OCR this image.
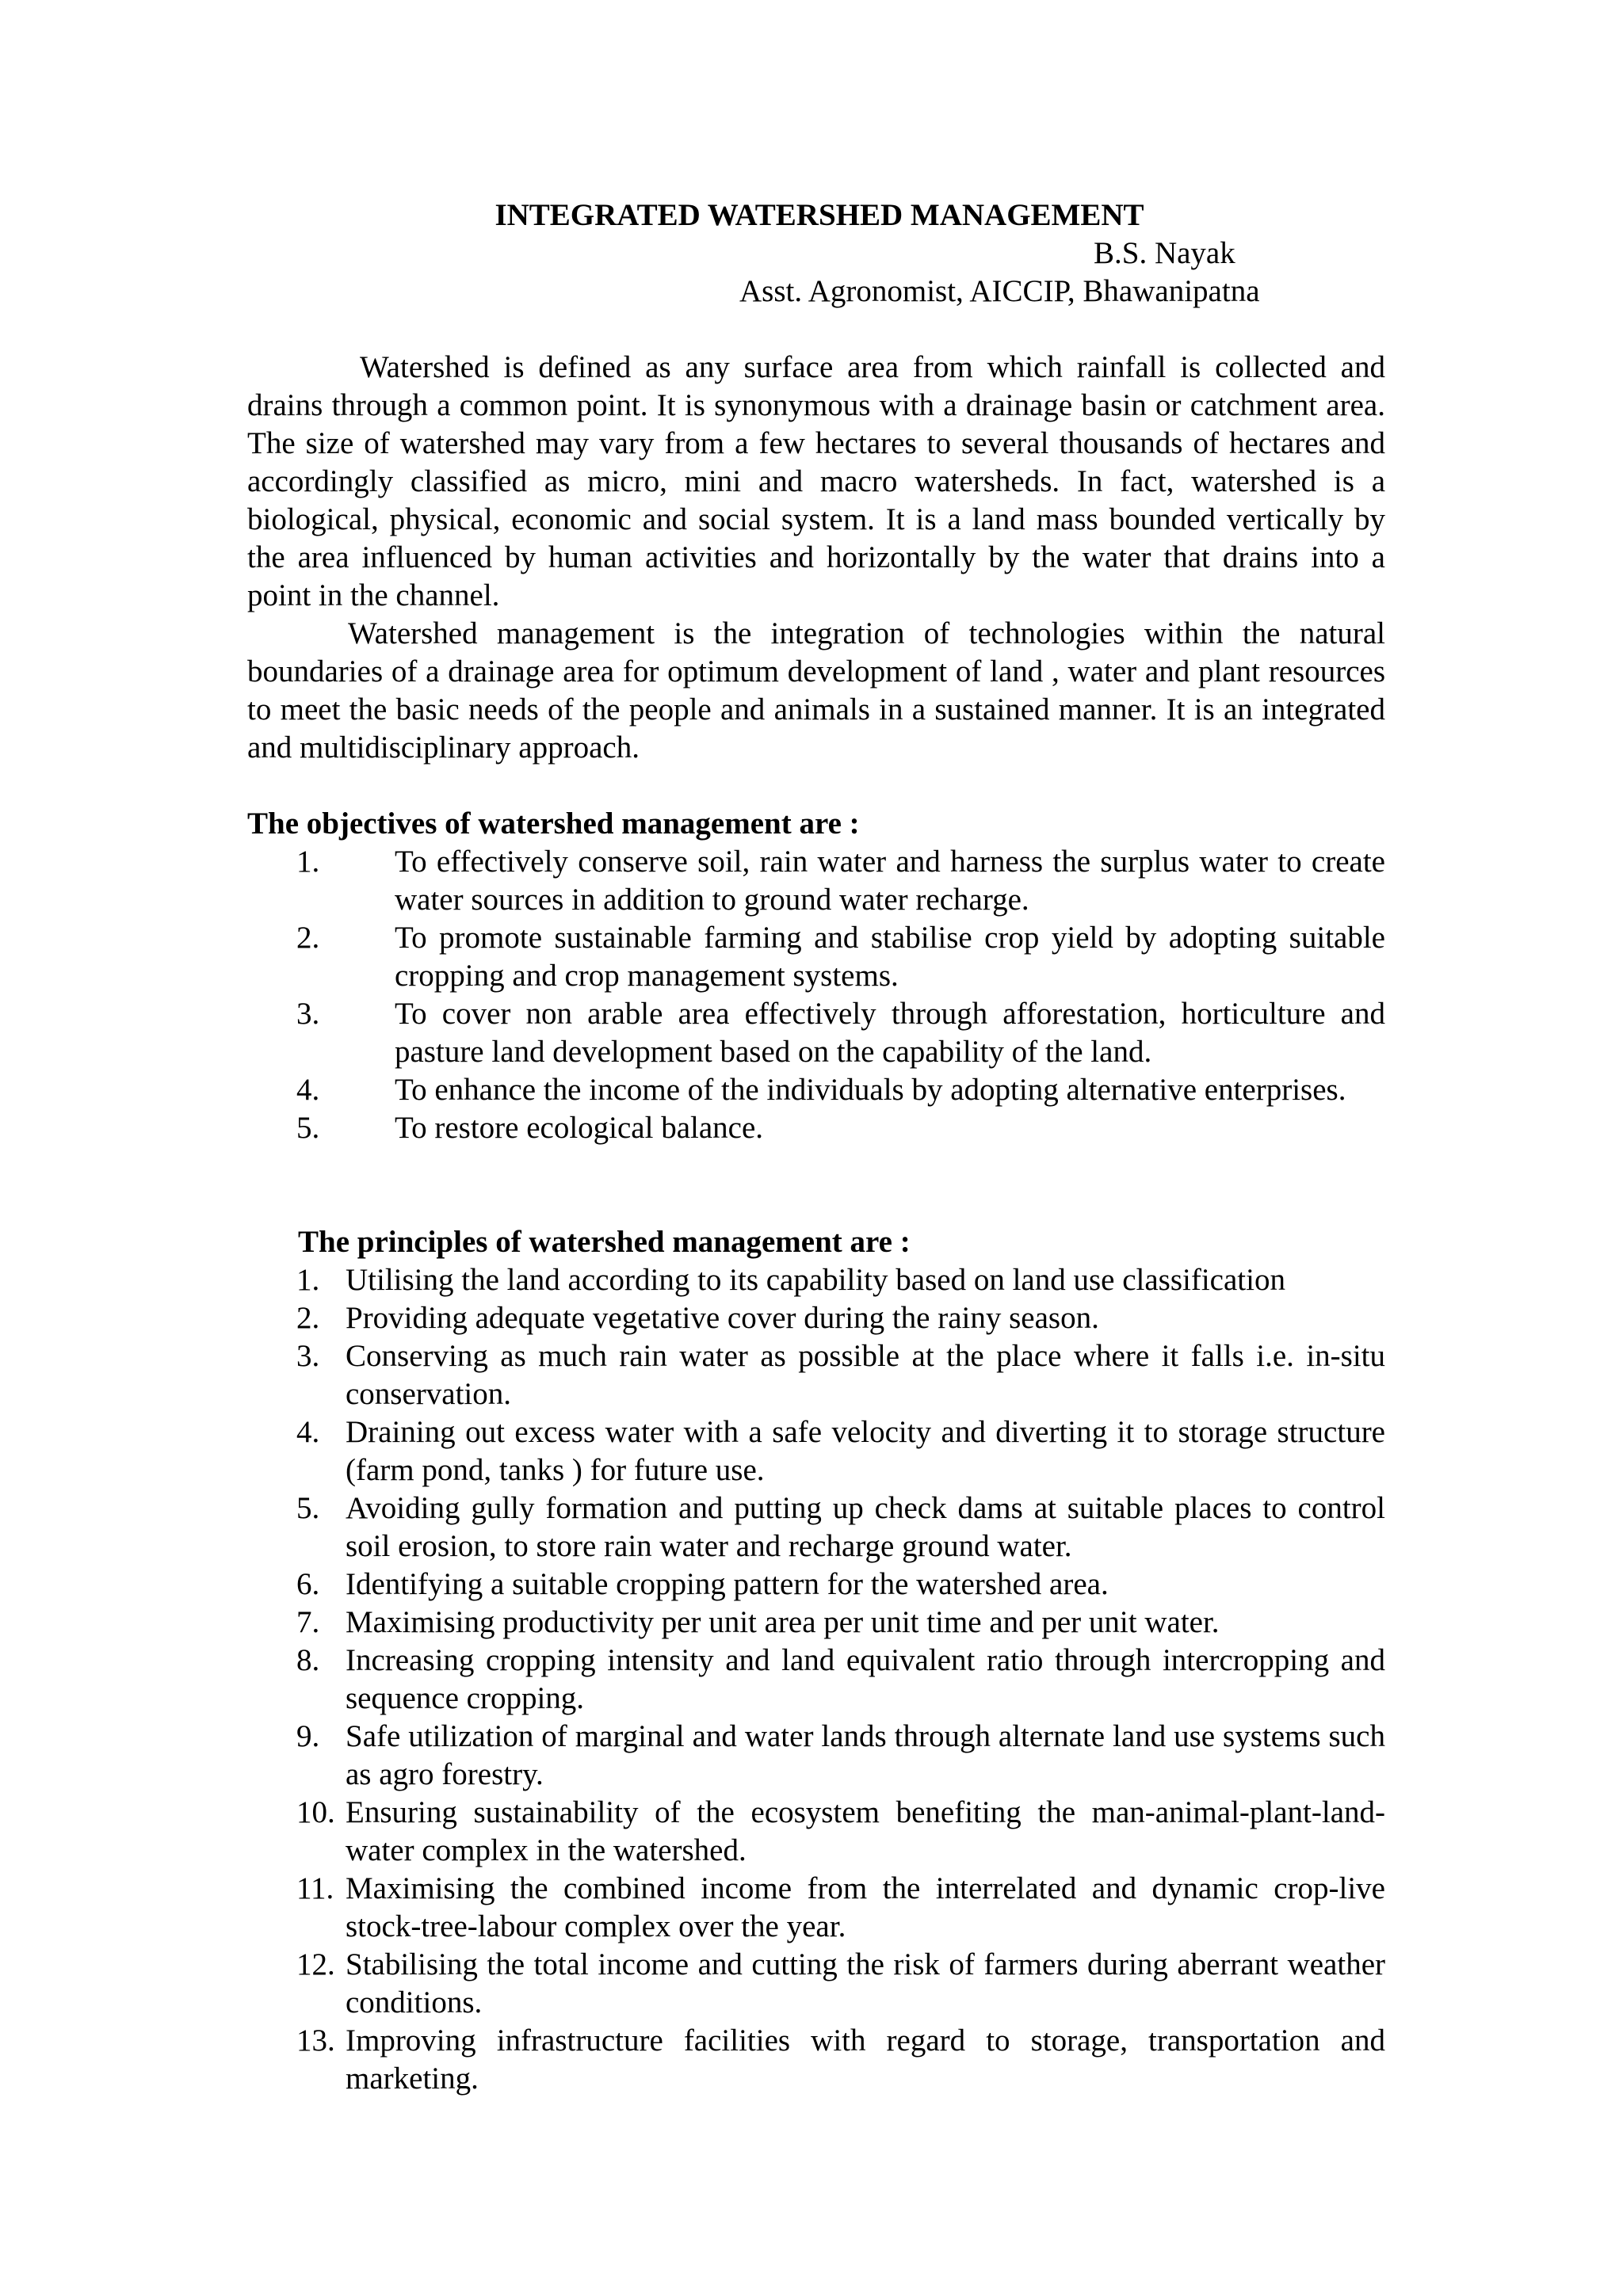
INTEGRATED WATERSHED MANAGEMENT
B.S. Nayak
Asst. Agronomist, AICCIP, Bhawanipatna

Watershed is defined as any surface area from which rainfall is collected and drains through a common point. It is synonymous with a drainage basin or catchment area. The size of watershed may vary from a few hectares to several thousands of hectares and accordingly classified as micro, mini and macro watersheds. In fact, watershed is a biological, physical, economic and social system. It is a land mass bounded vertically by the area influenced by human activities and horizontally by the water that drains into a point in the channel.

Watershed management is the integration of technologies within the natural boundaries of a drainage area for optimum development of land , water and plant resources to meet the basic needs of the people and animals in a sustained manner. It is an integrated and multidisciplinary approach.

The objectives of watershed management are :
1. To effectively conserve soil, rain water and harness the surplus water to create water sources in addition to ground water recharge.
2. To promote sustainable farming and stabilise crop yield by adopting suitable cropping and crop management systems.
3. To cover non arable area effectively through afforestation, horticulture and pasture land development based on the capability of the land.
4. To enhance the income of the individuals by adopting alternative enterprises.
5. To restore ecological balance.
The principles of watershed management are :
1. Utilising the land according to its capability based on land use classification
2. Providing adequate vegetative cover during the rainy season.
3. Conserving as much rain water as possible at the place where it falls i.e. in-situ conservation.
4. Draining out excess water with a safe velocity and diverting it to storage structure (farm pond, tanks ) for future use.
5. Avoiding gully formation and putting up check dams at suitable places to control soil erosion, to store rain water and recharge ground water.
6. Identifying a suitable cropping pattern for the watershed area.
7. Maximising productivity per unit area per unit time and per unit water.
8. Increasing cropping intensity and land equivalent ratio through intercropping and sequence cropping.
9. Safe utilization of marginal and water lands through alternate land use systems such as agro forestry.
10. Ensuring sustainability of the ecosystem benefiting the man-animal-plant-land-water complex in the watershed.
11. Maximising the combined income from the interrelated and dynamic crop-live stock-tree-labour complex over the year.
12. Stabilising the total income and cutting the risk of farmers during aberrant weather conditions.
13. Improving infrastructure facilities with regard to storage, transportation and marketing.
